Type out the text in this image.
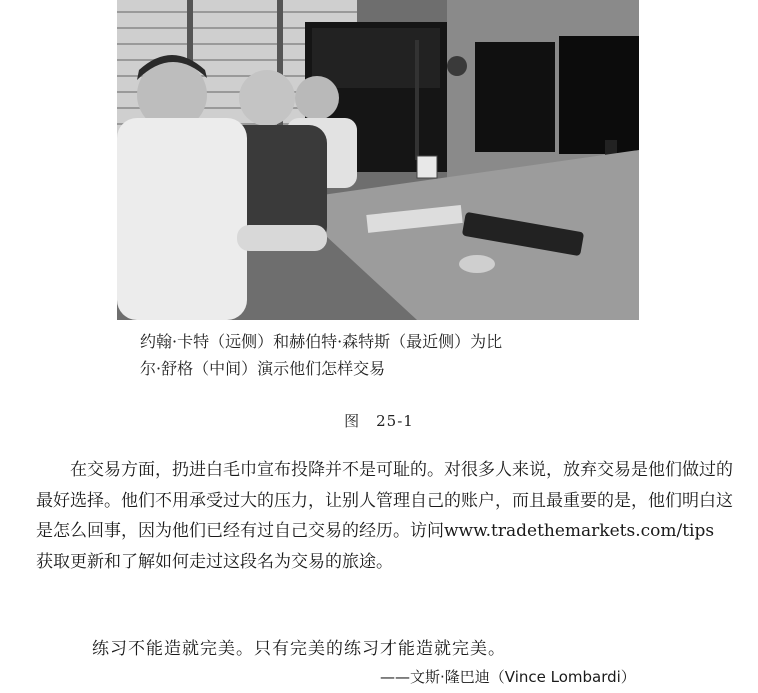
约翰·卡特（远侧）和赫伯特·森特斯（最近侧）为比
尔·舒格（中间）演示他们怎样交易
图　25-1

在交易方面，扔进白毛巾宣布投降并不是可耻的。对很多人来说，放弃交易是他们做过的最好选择。他们不用承受过大的压力，让别人管理自己的账户，而且最重要的是，他们明白这是怎么回事，因为他们已经有过自己交易的经历。访问www.tradethemarkets.com/tips 获取更新和了解如何走过这段名为交易的旅途。

练习不能造就完美。只有完美的练习才能造就完美。
——文斯·隆巴迪（Vince Lombardi）
